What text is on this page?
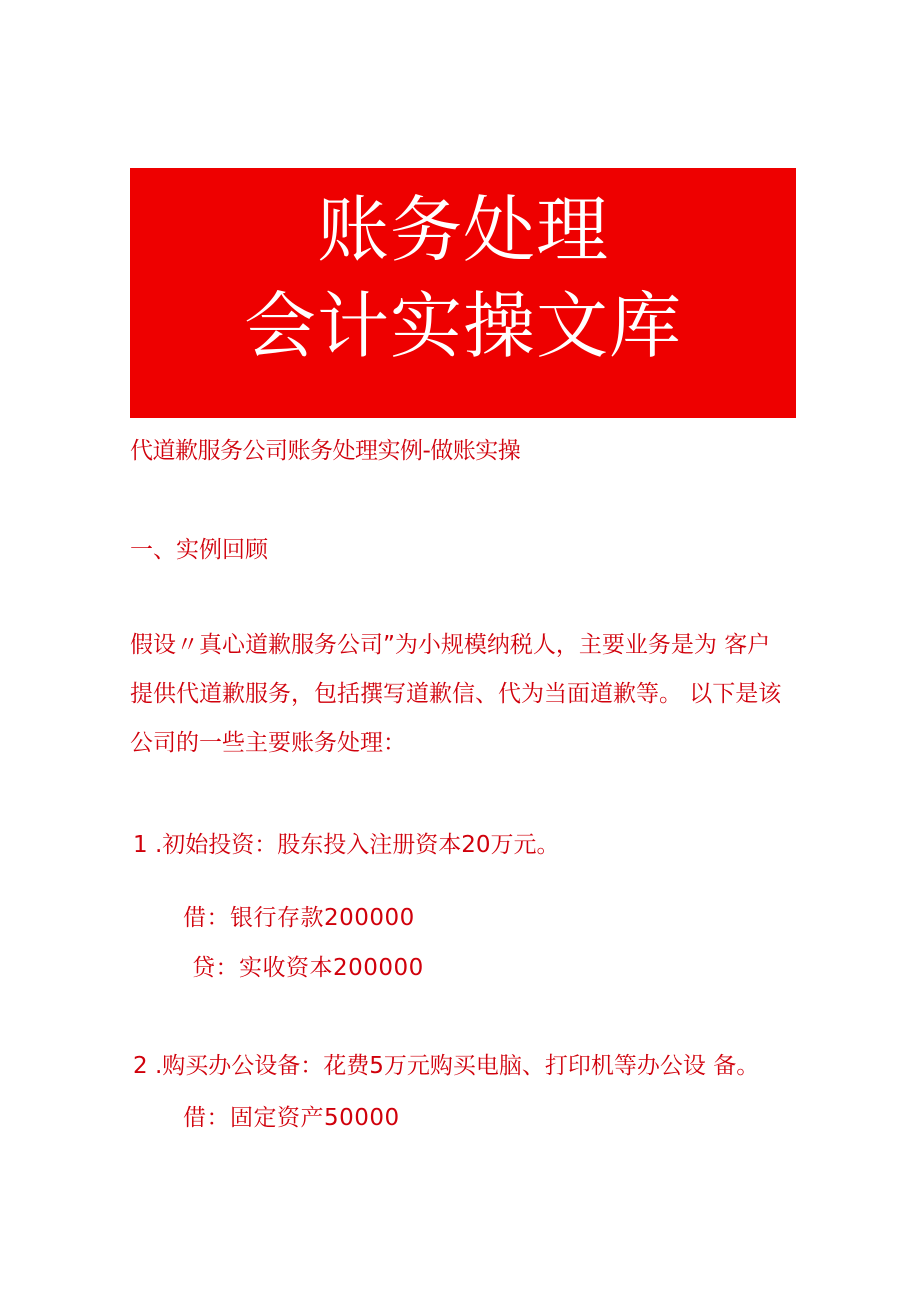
账务处理
会计实操文库
代道歉服务公司账务处理实例-做账实操
一、实例回顾
假设〃真心道歉服务公司”为小规模纳税人，主要业务是为 客户
提供代道歉服务，包括撰写道歉信、代为当面道歉等。 以下是该
公司的一些主要账务处理：
1 .初始投资：股东投入注册资本20万元。
借：银行存款200000
贷：实收资本200000
2 .购买办公设备：花费5万元购买电脑、打印机等办公设 备。
借：固定资产50000
